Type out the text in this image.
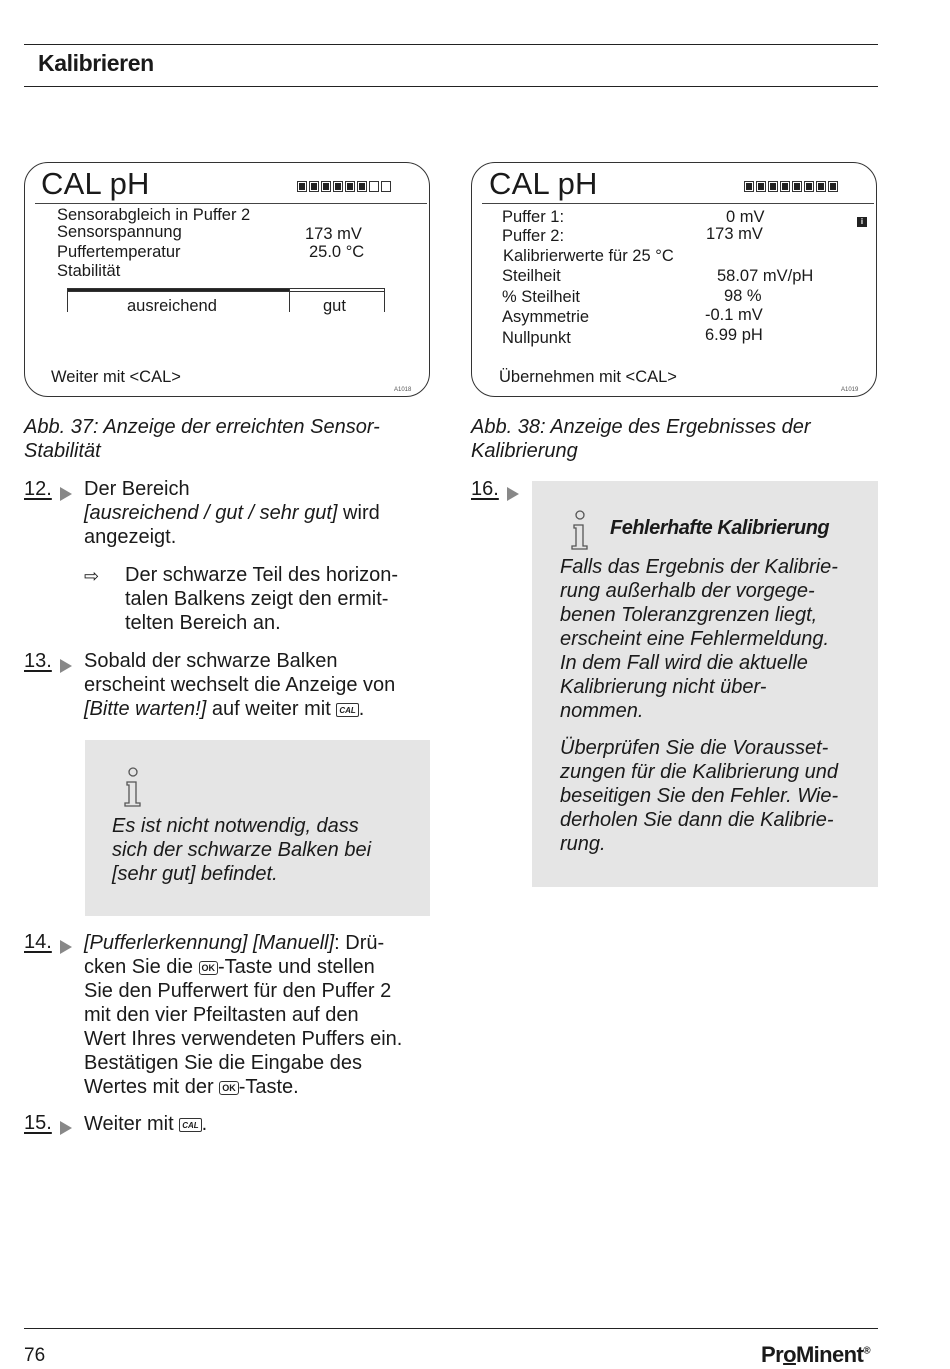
Kalibrieren
CAL pH
Sensorabgleich in Puffer 2
Sensorspannung
Puffertemperatur
Stabilität
173 mV
25.0 °C
ausreichend	gut
Weiter mit <CAL>
A1018
CAL pH
Puffer 1:
Puffer 2:
Kalibrierwerte für 25 °C
Steilheit
% Steilheit
Asymmetrie
Nullpunkt
0 mV
173 mV
58.07 mV/pH
98 %
-0.1 mV
6.99 pH
i
Übernehmen mit <CAL>
A1019
Abb. 37: Anzeige der erreichten Sensor-
Stabilität
Abb. 38: Anzeige des Ergebnisses der
Kalibrierung
12. Der Bereich
[ausreichend / gut / sehr gut] wird
angezeigt.
⇨ Der schwarze Teil des horizon-
talen Balkens zeigt den ermit-
telten Bereich an.
13. Sobald der schwarze Balken
erscheint wechselt die Anzeige von
[Bitte warten!] auf weiter mit CAL .
Es ist nicht notwendig, dass
sich der schwarze Balken bei
[sehr gut] befindet.
14. [Pufferlerkennung] [Manuell]: Drü-
cken Sie die OK -Taste und stellen
Sie den Pufferwert für den Puffer 2
mit den vier Pfeiltasten auf den
Wert Ihres verwendeten Puffers ein.
Bestätigen Sie die Eingabe des
Wertes mit der OK -Taste.
15. Weiter mit CAL .
16.
Fehlerhafte Kalibrierung
Falls das Ergebnis der Kalibrie-
rung außerhalb der vorgege-
benen Toleranzgrenzen liegt,
erscheint eine Fehlermeldung.
In dem Fall wird die aktuelle
Kalibrierung nicht über-
nommen.
Überprüfen Sie die Vorausset-
zungen für die Kalibrierung und
beseitigen Sie den Fehler. Wie-
derholen Sie dann die Kalibrie-
rung.
76	ProMinent®
